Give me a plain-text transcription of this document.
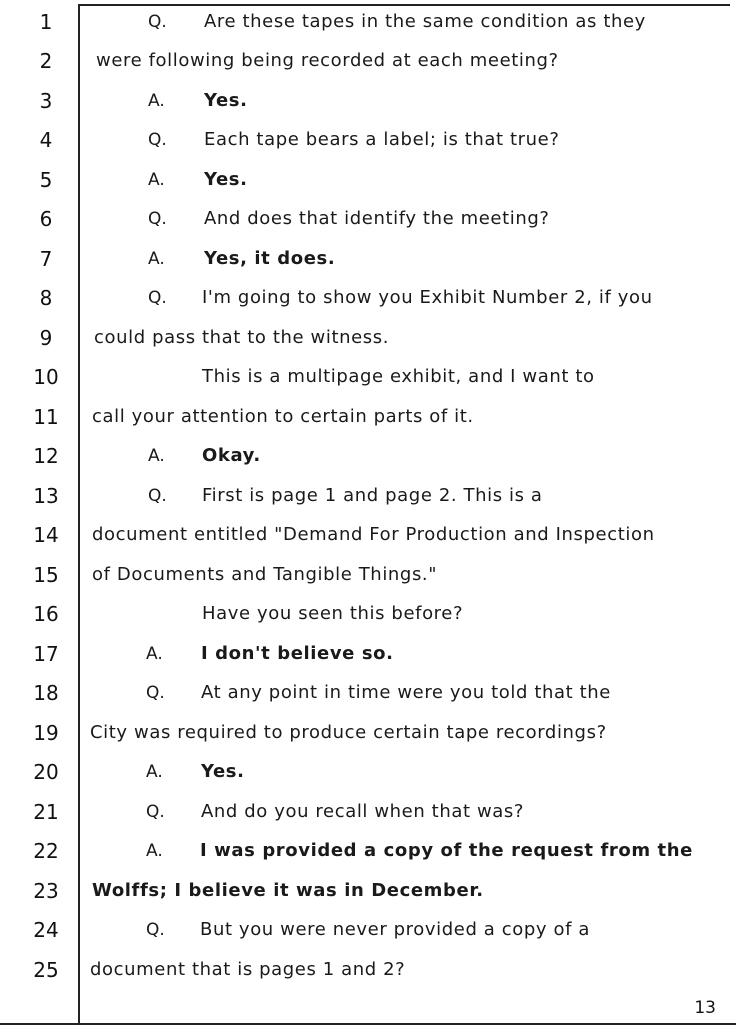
1	Q. Are these tapes in the same condition as they
2	were following being recorded at each meeting?
3	A. Yes.
4	Q. Each tape bears a label; is that true?
5	A. Yes.
6	Q. And does that identify the meeting?
7	A. Yes, it does.
8	Q. I'm going to show you Exhibit Number 2, if you
9	could pass that to the witness.
10	This is a multipage exhibit, and I want to
11	call your attention to certain parts of it.
12	A. Okay.
13	Q. First is page 1 and page 2. This is a
14	document entitled "Demand For Production and Inspection
15	of Documents and Tangible Things."
16	Have you seen this before?
17	A. I don't believe so.
18	Q. At any point in time were you told that the
19	City was required to produce certain tape recordings?
20	A. Yes.
21	Q. And do you recall when that was?
22	A. I was provided a copy of the request from the
23	Wolffs; I believe it was in December.
24	Q. But you were never provided a copy of a
25	document that is pages 1 and 2?
13
